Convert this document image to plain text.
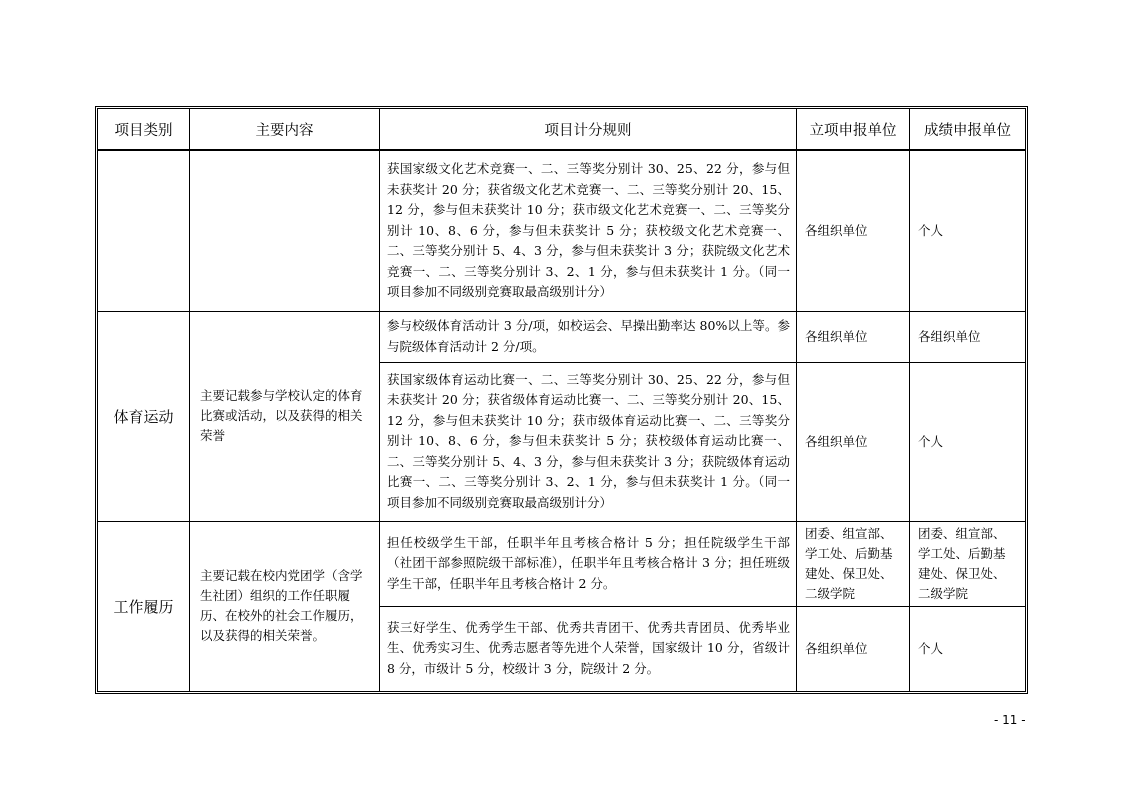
项目类别	主要内容	项目计分规则	立项申报单位	成绩申报单位
		获国家级文化艺术竞赛一、二、三等奖分别计 30、25、22 分，参与但未获奖计 20 分；获省级文化艺术竞赛一、二、三等奖分别计 20、15、12 分，参与但未获奖计 10 分；获市级文化艺术竞赛一、二、三等奖分别计 10、8、6 分，参与但未获奖计 5 分；获校级文化艺术竞赛一、二、三等奖分别计 5、4、3 分，参与但未获奖计 3 分；获院级文化艺术竞赛一、二、三等奖分别计 3、2、1 分，参与但未获奖计 1 分。（同一项目参加不同级别竞赛取最高级别计分）	各组织单位	个人
体育运动	主要记载参与学校认定的体育比赛或活动，以及获得的相关荣誉	参与校级体育活动计 3 分/项，如校运会、早操出勤率达 80%以上等。参与院级体育活动计 2 分/项。	各组织单位	各组织单位
		获国家级体育运动比赛一、二、三等奖分别计 30、25、22 分，参与但未获奖计 20 分；获省级体育运动比赛一、二、三等奖分别计 20、15、12 分，参与但未获奖计 10 分；获市级体育运动比赛一、二、三等奖分别计 10、8、6 分，参与但未获奖计 5 分；获校级体育运动比赛一、二、三等奖分别计 5、4、3 分，参与但未获奖计 3 分；获院级体育运动比赛一、二、三等奖分别计 3、2、1 分，参与但未获奖计 1 分。（同一项目参加不同级别竞赛取最高级别计分）	各组织单位	个人
工作履历	主要记载在校内党团学（含学生社团）组织的工作任职履历、在校外的社会工作履历，以及获得的相关荣誉。	担任校级学生干部，任职半年且考核合格计 5 分；担任院级学生干部（社团干部参照院级干部标准），任职半年且考核合格计 3 分；担任班级学生干部，任职半年且考核合格计 2 分。	团委、组宣部、学工处、后勤基建处、保卫处、二级学院	团委、组宣部、学工处、后勤基建处、保卫处、二级学院
		获三好学生、优秀学生干部、优秀共青团干、优秀共青团员、优秀毕业生、优秀实习生、优秀志愿者等先进个人荣誉，国家级计 10 分，省级计 8 分，市级计 5 分，校级计 3 分，院级计 2 分。	各组织单位	个人
- 11 -
